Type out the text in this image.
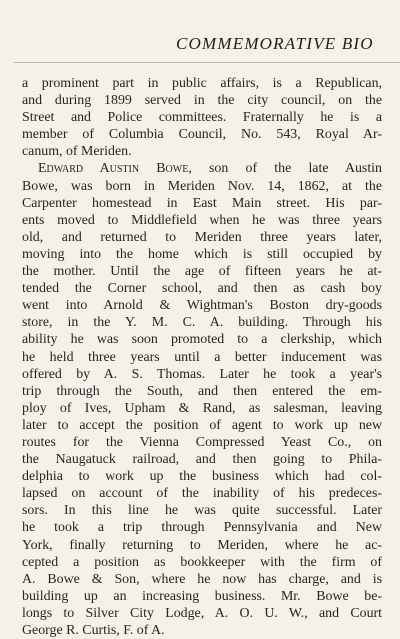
COMMEMORATIVE BIO

a prominent part in public affairs, is a Republican,
and during 1899 served in the city council, on the
Street and Police committees. Fraternally he is a
member of Columbia Council, No. 543, Royal Ar-
canum, of Meriden.

Edward Austin Bowe, son of the late Austin
Bowe, was born in Meriden Nov. 14, 1862, at the
Carpenter homestead in East Main street. His par-
ents moved to Middlefield when he was three years
old, and returned to Meriden three years later,
moving into the home which is still occupied by
the mother. Until the age of fifteen years he at-
tended the Corner school, and then as cash boy
went into Arnold & Wightman's Boston dry-goods
store, in the Y. M. C. A. building. Through his
ability he was soon promoted to a clerkship, which
he held three years until a better inducement was
offered by A. S. Thomas. Later he took a year's
trip through the South, and then entered the em-
ploy of Ives, Upham & Rand, as salesman, leaving
later to accept the position of agent to work up new
routes for the Vienna Compressed Yeast Co., on
the Naugatuck railroad, and then going to Phila-
delphia to work up the business which had col-
lapsed on account of the inability of his predeces-
sors. In this line he was quite successful. Later
he took a trip through Pennsylvania and New
York, finally returning to Meriden, where he ac-
cepted a position as bookkeeper with the firm of
A. Bowe & Son, where he now has charge, and is
building up an increasing business. Mr. Bowe be-
longs to Silver City Lodge, A. O. U. W., and Court
George R. Curtis, F. of A.
